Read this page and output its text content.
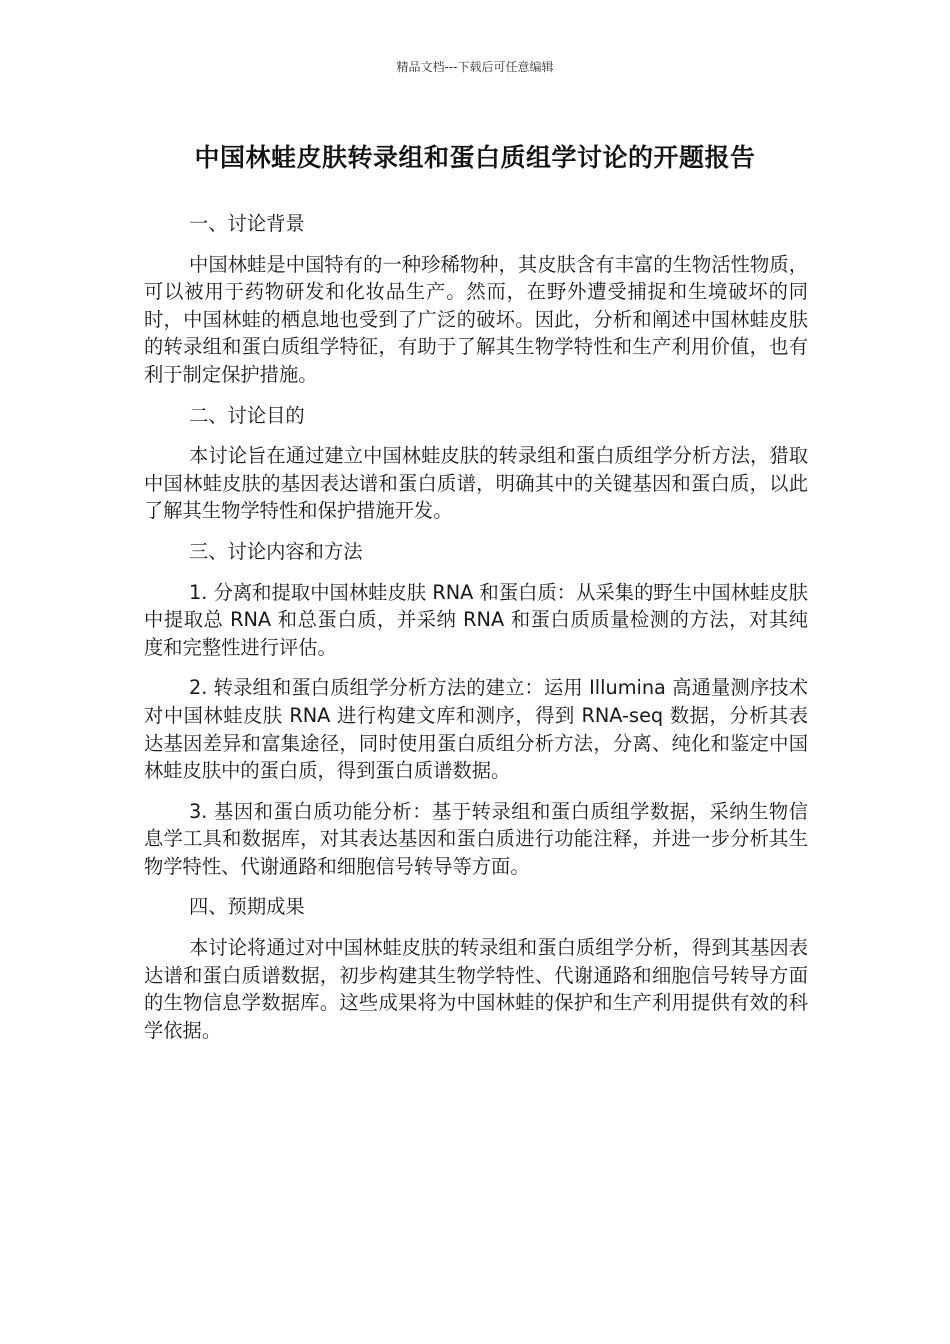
精品文档---下载后可任意编辑
中国林蛙皮肤转录组和蛋白质组学讨论的开题报告
一、讨论背景
中国林蛙是中国特有的一种珍稀物种，其皮肤含有丰富的生物活性物质，可以被用于药物研发和化妆品生产。然而，在野外遭受捕捉和生境破坏的同时，中国林蛙的栖息地也受到了广泛的破坏。因此，分析和阐述中国林蛙皮肤的转录组和蛋白质组学特征，有助于了解其生物学特性和生产利用价值，也有利于制定保护措施。
二、讨论目的
本讨论旨在通过建立中国林蛙皮肤的转录组和蛋白质组学分析方法，猎取中国林蛙皮肤的基因表达谱和蛋白质谱，明确其中的关键基因和蛋白质，以此了解其生物学特性和保护措施开发。
三、讨论内容和方法
1. 分离和提取中国林蛙皮肤 RNA 和蛋白质：从采集的野生中国林蛙皮肤中提取总 RNA 和总蛋白质，并采纳 RNA 和蛋白质质量检测的方法，对其纯度和完整性进行评估。
2. 转录组和蛋白质组学分析方法的建立：运用 Illumina 高通量测序技术对中国林蛙皮肤 RNA 进行构建文库和测序，得到 RNA-seq 数据，分析其表达基因差异和富集途径，同时使用蛋白质组分析方法，分离、纯化和鉴定中国林蛙皮肤中的蛋白质，得到蛋白质谱数据。
3. 基因和蛋白质功能分析：基于转录组和蛋白质组学数据，采纳生物信息学工具和数据库，对其表达基因和蛋白质进行功能注释，并进一步分析其生物学特性、代谢通路和细胞信号转导等方面。
四、预期成果
本讨论将通过对中国林蛙皮肤的转录组和蛋白质组学分析，得到其基因表达谱和蛋白质谱数据，初步构建其生物学特性、代谢通路和细胞信号转导方面的生物信息学数据库。这些成果将为中国林蛙的保护和生产利用提供有效的科学依据。
